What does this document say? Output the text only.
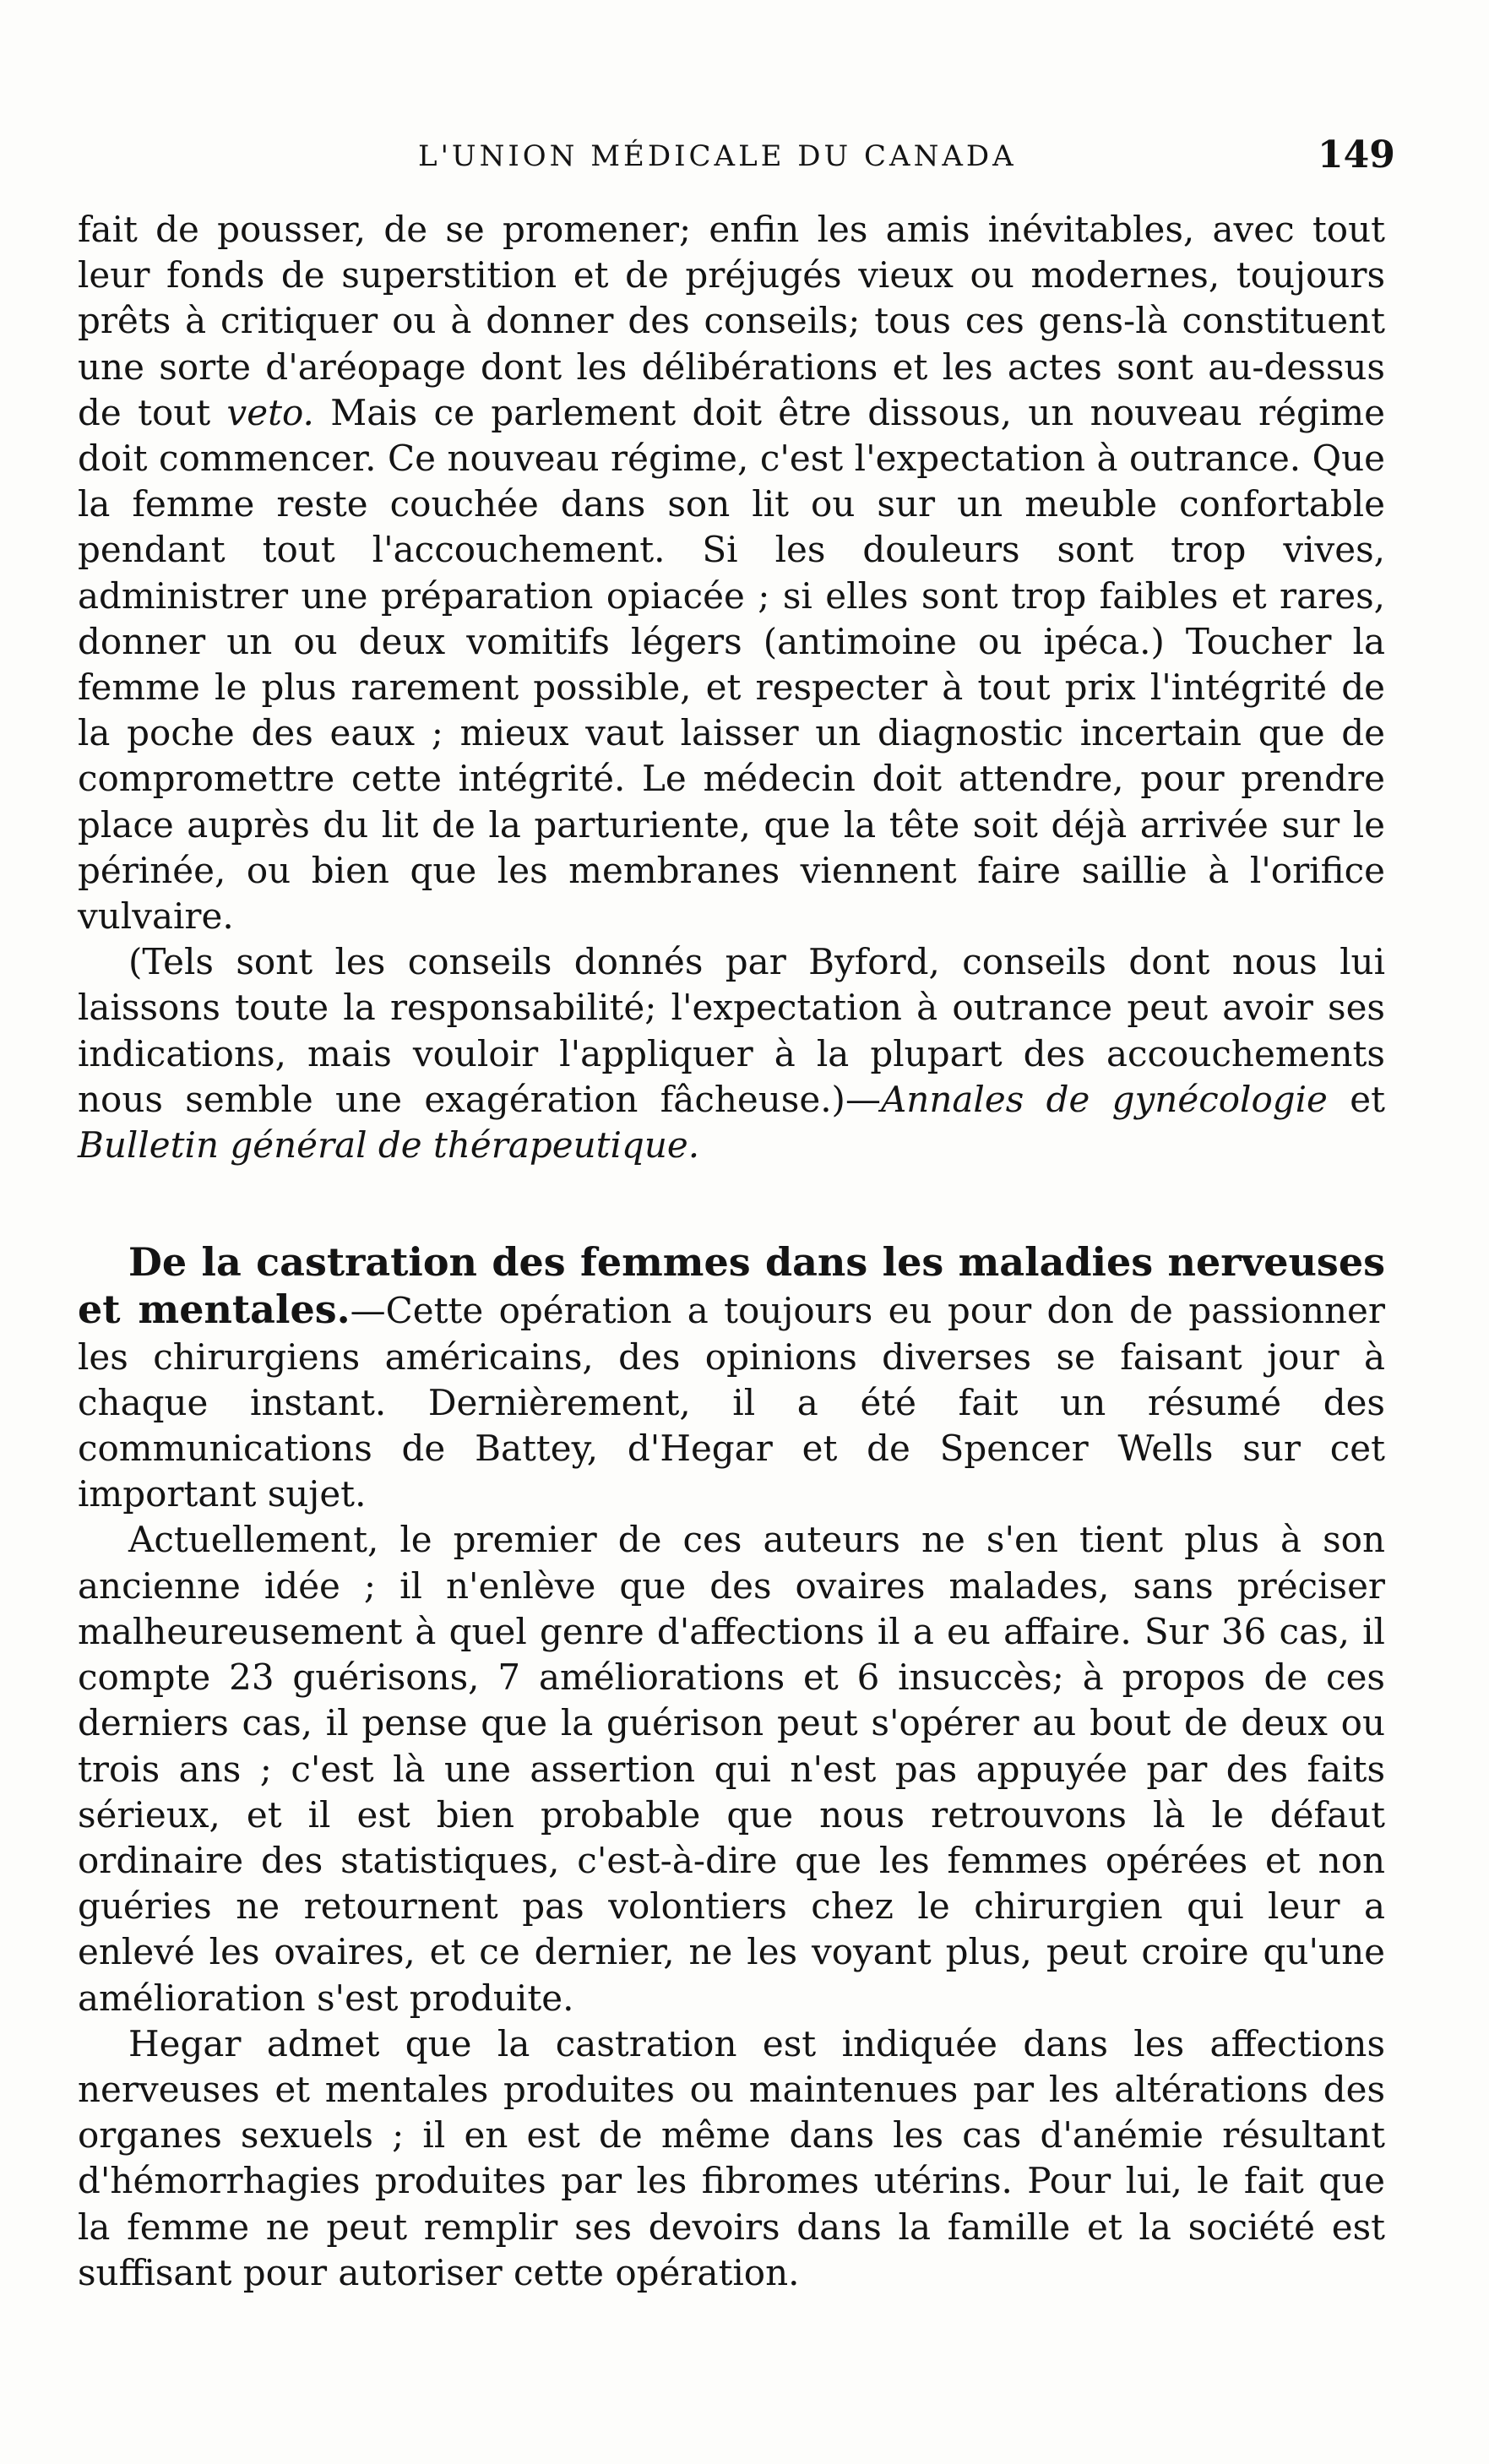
L'UNION MÉDICALE DU CANADA	149

fait de pousser, de se promener; enfin les amis inévitables, avec tout leur fonds de superstition et de préjugés vieux ou modernes, toujours prêts à critiquer ou à donner des conseils; tous ces gens-là constituent une sorte d'aréopage dont les délibérations et les actes sont au-dessus de tout veto. Mais ce parlement doit être dissous, un nouveau régime doit commencer. Ce nouveau régime, c'est l'expectation à outrance. Que la femme reste couchée dans son lit ou sur un meuble confortable pendant tout l'accouchement. Si les douleurs sont trop vives, administrer une préparation opiacée ; si elles sont trop faibles et rares, donner un ou deux vomitifs légers (antimoine ou ipéca.) Toucher la femme le plus rarement possible, et respecter à tout prix l'intégrité de la poche des eaux ; mieux vaut laisser un diagnostic incertain que de compromettre cette intégrité. Le médecin doit attendre, pour prendre place auprès du lit de la parturiente, que la tête soit déjà arrivée sur le périnée, ou bien que les membranes viennent faire saillie à l'orifice vulvaire.

(Tels sont les conseils donnés par Byford, conseils dont nous lui laissons toute la responsabilité; l'expectation à outrance peut avoir ses indications, mais vouloir l'appliquer à la plupart des accouchements nous semble une exagération fâcheuse.)—Annales de gynécologie et Bulletin général de thérapeutique.

De la castration des femmes dans les maladies nerveuses et mentales.—Cette opération a toujours eu pour don de passionner les chirurgiens américains, des opinions diverses se faisant jour à chaque instant. Dernièrement, il a été fait un résumé des communications de Battey, d'Hegar et de Spencer Wells sur cet important sujet.

Actuellement, le premier de ces auteurs ne s'en tient plus à son ancienne idée ; il n'enlève que des ovaires malades, sans préciser malheureusement à quel genre d'affections il a eu affaire. Sur 36 cas, il compte 23 guérisons, 7 améliorations et 6 insuccès; à propos de ces derniers cas, il pense que la guérison peut s'opérer au bout de deux ou trois ans ; c'est là une assertion qui n'est pas appuyée par des faits sérieux, et il est bien probable que nous retrouvons là le défaut ordinaire des statistiques, c'est-à-dire que les femmes opérées et non guéries ne retournent pas volontiers chez le chirurgien qui leur a enlevé les ovaires, et ce dernier, ne les voyant plus, peut croire qu'une amélioration s'est produite.

Hegar admet que la castration est indiquée dans les affections nerveuses et mentales produites ou maintenues par les altérations des organes sexuels ; il en est de même dans les cas d'anémie résultant d'hémorrhagies produites par les fibromes utérins. Pour lui, le fait que la femme ne peut remplir ses devoirs dans la famille et la société est suffisant pour autoriser cette opération.
